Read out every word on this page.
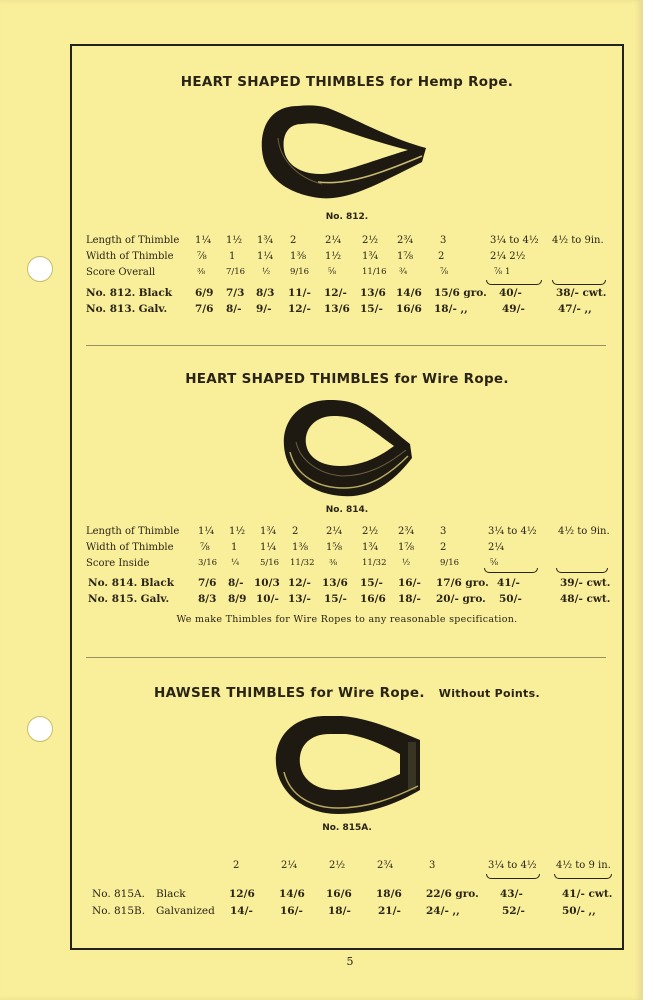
HEART SHAPED THIMBLES for Hemp Rope.
No. 812.
Length of Thimble 1¼ 1½ 1¾ 2	2¼ 2½ 2¾	3	3¼ to 4½ 4½ to 9in.
Width of Thimble ⅞ 1 1¼ 1⅜ 1½ 1¾ 1⅞ 2	2¼ 2½
Score Overall	⅜ 7/16 ½ 9/16 ⅝	11/16 ¾	⅞	⅞ 1
No. 812. Black 6/9 7/3 8/3 11/- 12/- 13/6 14/6 15/6 gro. 40/-	38/- cwt.
No. 813. Galv.	7/6 8/- 9/- 12/- 13/6 15/- 16/6 18/- ,,	49/-	47/- ,,
HEART SHAPED THIMBLES for Wire Rope.
No. 814.
Length of Thimble 1¼ 1½ 1¾ 2	2¼ 2½ 2¾	3	3¼ to 4½ 4½ to 9in.
Width of Thimble	⅞ 1 1¼ 1⅜ 1⅝ 1¾ 1⅞	2	2¼
Score Inside	3/16 ¼ 5/16 11/32 ⅜	11/32 ½	9/16	⅝
No. 814. Black 7/6 8/- 10/3 12/- 13/6 15/- 16/- 17/6 gro. 41/-	39/- cwt.
No. 815. Galv.	8/3 8/9 10/- 13/- 15/- 16/6 18/- 20/- gro. 50/-	48/- cwt.
We make Thimbles for Wire Ropes to any reasonable specification.
HAWSER THIMBLES for Wire Rope. Without Points.
No. 815A.
2	2¼	2½	2¾	3	3¼ to 4½ 4½ to 9 in.
No. 815A. Black	12/6 14/6 16/6 18/6 22/6 gro. 43/-	41/- cwt.
No. 815B. Galvanized 14/-	16/- 18/-	21/- 24/- ,,	52/-	50/- ,,
5
